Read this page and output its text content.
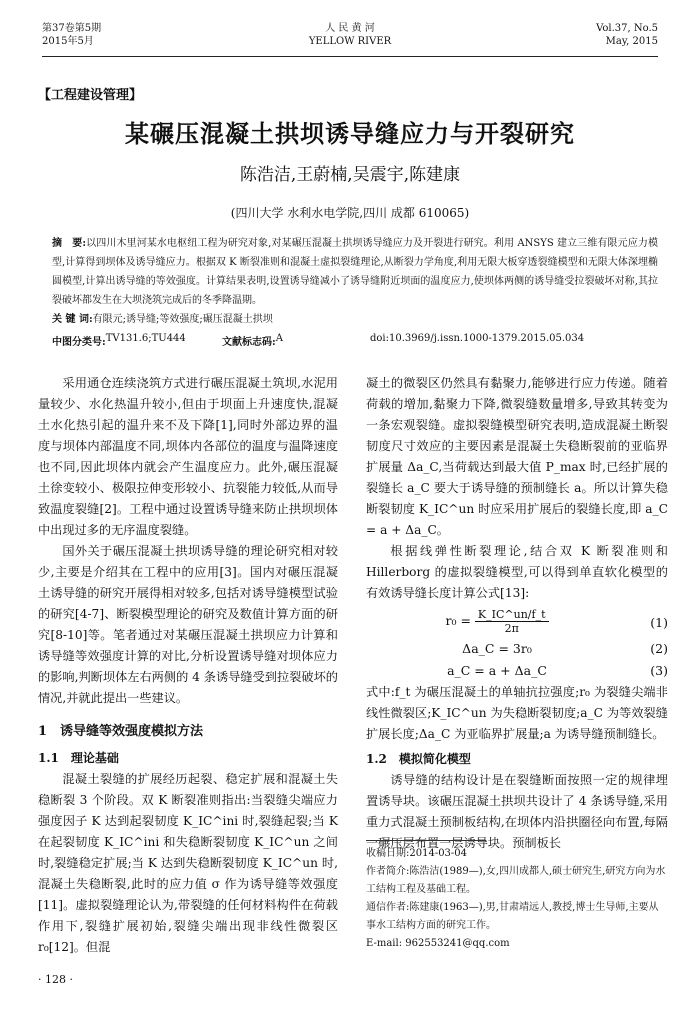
第37卷第5期
2015年5月
人 民 黄 河
YELLOW RIVER
Vol.37, No.5
May, 2015
【工程建设管理】
某碾压混凝土拱坝诱导缝应力与开裂研究
陈浩洁,王蔚楠,吴震宇,陈建康
(四川大学 水利水电学院,四川 成都 610065)
摘　要:以四川木里河某水电枢纽工程为研究对象,对某碾压混凝土拱坝诱导缝应力及开裂进行研究。利用 ANSYS 建立三维有限元应力模型,计算得到坝体及诱导缝应力。根据双 K 断裂准则和混凝土虚拟裂缝理论,从断裂力学角度,利用无限大板穿透裂缝模型和无限大体深埋椭圆模型,计算出诱导缝的等效强度。计算结果表明,设置诱导缝减小了诱导缝附近坝面的温度应力,使坝体两侧的诱导缝受拉裂破坏对称,其拉裂破坏都发生在大坝浇筑完成后的冬季降温期。
关 键 词:有限元;诱导缝;等效强度;碾压混凝土拱坝
中图分类号: TV131.6;TU444	文献标志码: A	doi:10.3969/j.issn.1000-1379.2015.05.034

采用通仓连续浇筑方式进行碾压混凝土筑坝,水泥用量较少、水化热温升较小,但由于坝面上升速度快,混凝土水化热引起的温升来不及下降[1],同时外部边界的温度与坝体内部温度不同,坝体内各部位的温度与温降速度也不同,因此坝体内就会产生温度应力。此外,碾压混凝土徐变较小、极限拉伸变形较小、抗裂能力较低,从而导致温度裂缝[2]。工程中通过设置诱导缝来防止拱坝坝体中出现过多的无序温度裂缝。

国外关于碾压混凝土拱坝诱导缝的理论研究相对较少,主要是介绍其在工程中的应用[3]。国内对碾压混凝土诱导缝的研究开展得相对较多,包括对诱导缝模型试验的研究[4-7]、断裂模型理论的研究及数值计算方面的研究[8-10]等。笔者通过对某碾压混凝土拱坝应力计算和诱导缝等效强度计算的对比,分析设置诱导缝对坝体应力的影响,判断坝体左右两侧的 4 条诱导缝受到拉裂破坏的情况,并就此提出一些建议。

1　诱导缝等效强度模拟方法
1.1　理论基础

混凝土裂缝的扩展经历起裂、稳定扩展和混凝土失稳断裂 3 个阶段。双 K 断裂准则指出:当裂缝尖端应力强度因子 K 达到起裂韧度 K_IC^ini 时,裂缝起裂;当 K 在起裂韧度 K_IC^ini 和失稳断裂韧度 K_IC^un 之间时,裂缝稳定扩展;当 K 达到失稳断裂韧度 K_IC^un 时,混凝土失稳断裂,此时的应力值 σ 作为诱导缝等效强度[11]。虚拟裂缝理论认为,带裂缝的任何材料构件在荷载作用下,裂缝扩展初始,裂缝尖端出现非线性微裂区 r₀[12]。但混

凝土的微裂区仍然具有黏聚力,能够进行应力传递。随着荷载的增加,黏聚力下降,微裂缝数量增多,导致其转变为一条宏观裂缝。虚拟裂缝模型研究表明,造成混凝土断裂韧度尺寸效应的主要因素是混凝土失稳断裂前的亚临界扩展量 Δa_C,当荷载达到最大值 P_max 时,已经扩展的裂缝长 a_C 要大于诱导缝的预制缝长 a。所以计算失稳断裂韧度 K_IC^un 时应采用扩展后的裂缝长度,即 a_C = a + Δa_C。

根据线弹性断裂理论,结合双 K 断裂准则和 Hillerborg 的虚拟裂缝模型,可以得到单直软化模型的有效诱导缝长度计算公式[13]:

$r_0 = \frac{K\_IC\^{}un/f\_t}{2\pi}$	(1)
Δa_C = 3r₀	(2)
a_C = a + Δa_C	(3)

式中:f_t 为碾压混凝土的单轴抗拉强度;r₀ 为裂缝尖端非线性微裂区;K_IC^un 为失稳断裂韧度;a_C 为等效裂缝扩展长度;Δa_C 为亚临界扩展量;a 为诱导缝预制缝长。

1.2　模拟简化模型

诱导缝的结构设计是在裂缝断面按照一定的规律埋置诱导块。该碾压混凝土拱坝共设计了 4 条诱导缝,采用重力式混凝土预制板结构,在坝体内沿拱圈径向布置,每隔一碾压层布置一层诱导块。预制板长

收稿日期:2014-03-04

作者简介:陈浩洁(1989—),女,四川成都人,硕士研究生,研究方向为水工结构工程及基础工程。

通信作者:陈建康(1963—),男,甘肃靖远人,教授,博士生导师,主要从事水工结构方面的研究工作。

E-mail: 962553241@qq.com

· 128 ·
